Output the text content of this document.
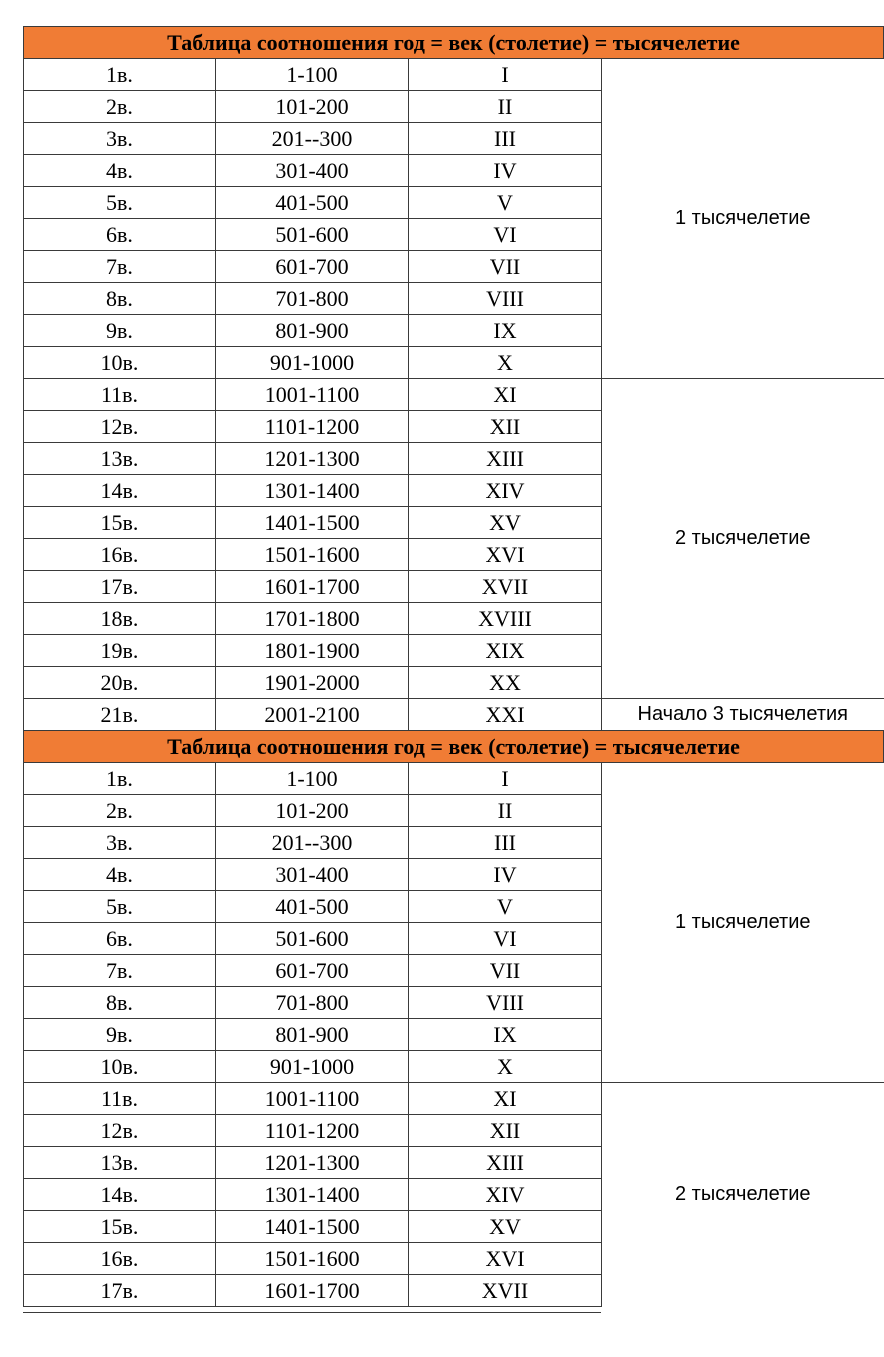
Таблица соотношения год = век (столетие) = тысячелетие			
1в.	1-100	I	1 тысячелетие
2в.	101-200	II	
3в.	201--300	III	
4в.	301-400	IV	
5в.	401-500	V	
6в.	501-600	VI	
7в.	601-700	VII	
8в.	701-800	VIII	
9в.	801-900	IX	
10в.	901-1000	X	
11в.	1001-1100	XI	2 тысячелетие
12в.	1101-1200	XII	
13в.	1201-1300	XIII	
14в.	1301-1400	XIV	
15в.	1401-1500	XV	
16в.	1501-1600	XVI	
17в.	1601-1700	XVII	
18в.	1701-1800	XVIII	
19в.	1801-1900	XIX	
20в.	1901-2000	XX	
21в.	2001-2100	XXI	Начало 3 тысячелетия
Таблица соотношения год = век (столетие) = тысячелетие			
1в.	1-100	I	1 тысячелетие
2в.	101-200	II	
3в.	201--300	III	
4в.	301-400	IV	
5в.	401-500	V	
6в.	501-600	VI	
7в.	601-700	VII	
8в.	701-800	VIII	
9в.	801-900	IX	
10в.	901-1000	X	
11в.	1001-1100	XI	2 тысячелетие
12в.	1101-1200	XII	
13в.	1201-1300	XIII	
14в.	1301-1400	XIV	
15в.	1401-1500	XV	
16в.	1501-1600	XVI	
17в.	1601-1700	XVII	
